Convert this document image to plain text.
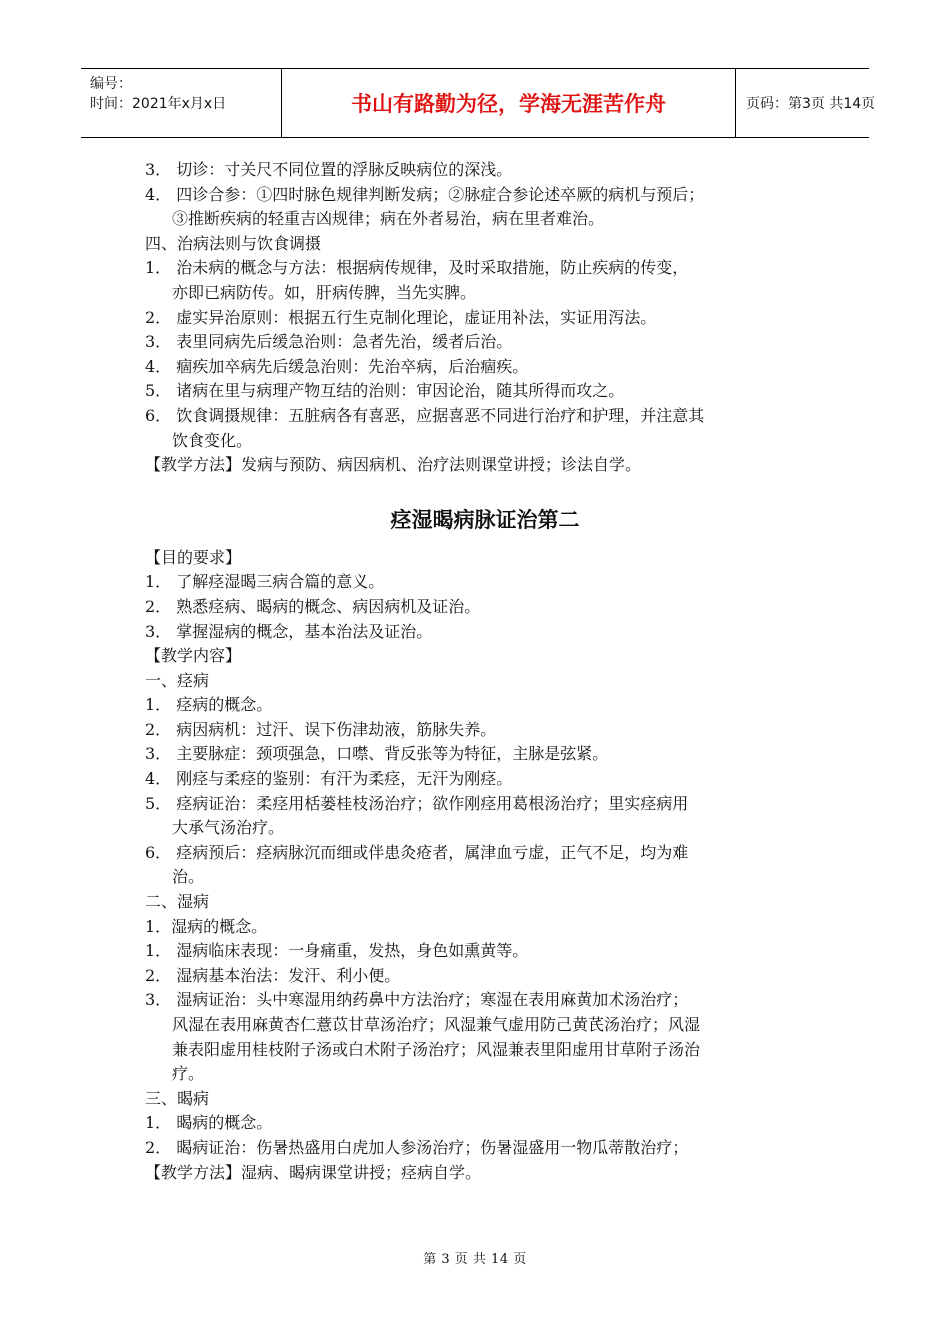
编号：
时间：2021年x月x日	书山有路勤为径，学海无涯苦作舟	页码：第3页 共14页
3． 切诊：寸关尺不同位置的浮脉反映病位的深浅。
4． 四诊合参：①四时脉色规律判断发病；②脉症合参论述卒厥的病机与预后；
③推断疾病的轻重吉凶规律；病在外者易治，病在里者难治。
四、治病法则与饮食调摄
1． 治未病的概念与方法：根据病传规律，及时采取措施，防止疾病的传变，
亦即已病防传。如，肝病传脾，当先实脾。
2． 虚实异治原则：根据五行生克制化理论，虚证用补法，实证用泻法。
3． 表里同病先后缓急治则：急者先治，缓者后治。
4． 痼疾加卒病先后缓急治则：先治卒病，后治痼疾。
5． 诸病在里与病理产物互结的治则：审因论治，随其所得而攻之。
6． 饮食调摄规律：五脏病各有喜恶，应据喜恶不同进行治疗和护理，并注意其
饮食变化。
【教学方法】发病与预防、病因病机、治疗法则课堂讲授；诊法自学。
痉湿暍病脉证治第二
【目的要求】
1． 了解痉湿暍三病合篇的意义。
2． 熟悉痉病、暍病的概念、病因病机及证治。
3． 掌握湿病的概念，基本治法及证治。
【教学内容】
一、痉病
1． 痉病的概念。
2． 病因病机：过汗、误下伤津劫液，筋脉失养。
3． 主要脉症：颈项强急，口噤、背反张等为特征，主脉是弦紧。
4． 刚痉与柔痉的鉴别：有汗为柔痉，无汗为刚痉。
5． 痉病证治：柔痉用栝蒌桂枝汤治疗；欲作刚痉用葛根汤治疗；里实痉病用
大承气汤治疗。
6． 痉病预后：痉病脉沉而细或伴患灸疮者，属津血亏虚，正气不足，均为难
治。
二、湿病
1．湿病的概念。
1． 湿病临床表现：一身痛重，发热，身色如熏黄等。
2． 湿病基本治法：发汗、利小便。
3． 湿病证治：头中寒湿用纳药鼻中方法治疗；寒湿在表用麻黄加术汤治疗；
风湿在表用麻黄杏仁薏苡甘草汤治疗；风湿兼气虚用防己黄芪汤治疗；风湿
兼表阳虚用桂枝附子汤或白术附子汤治疗；风湿兼表里阳虚用甘草附子汤治
疗。
三、暍病
1． 暍病的概念。
2． 暍病证治：伤暑热盛用白虎加人参汤治疗；伤暑湿盛用一物瓜蒂散治疗；
【教学方法】湿病、暍病课堂讲授；痉病自学。
第 3 页 共 14 页
